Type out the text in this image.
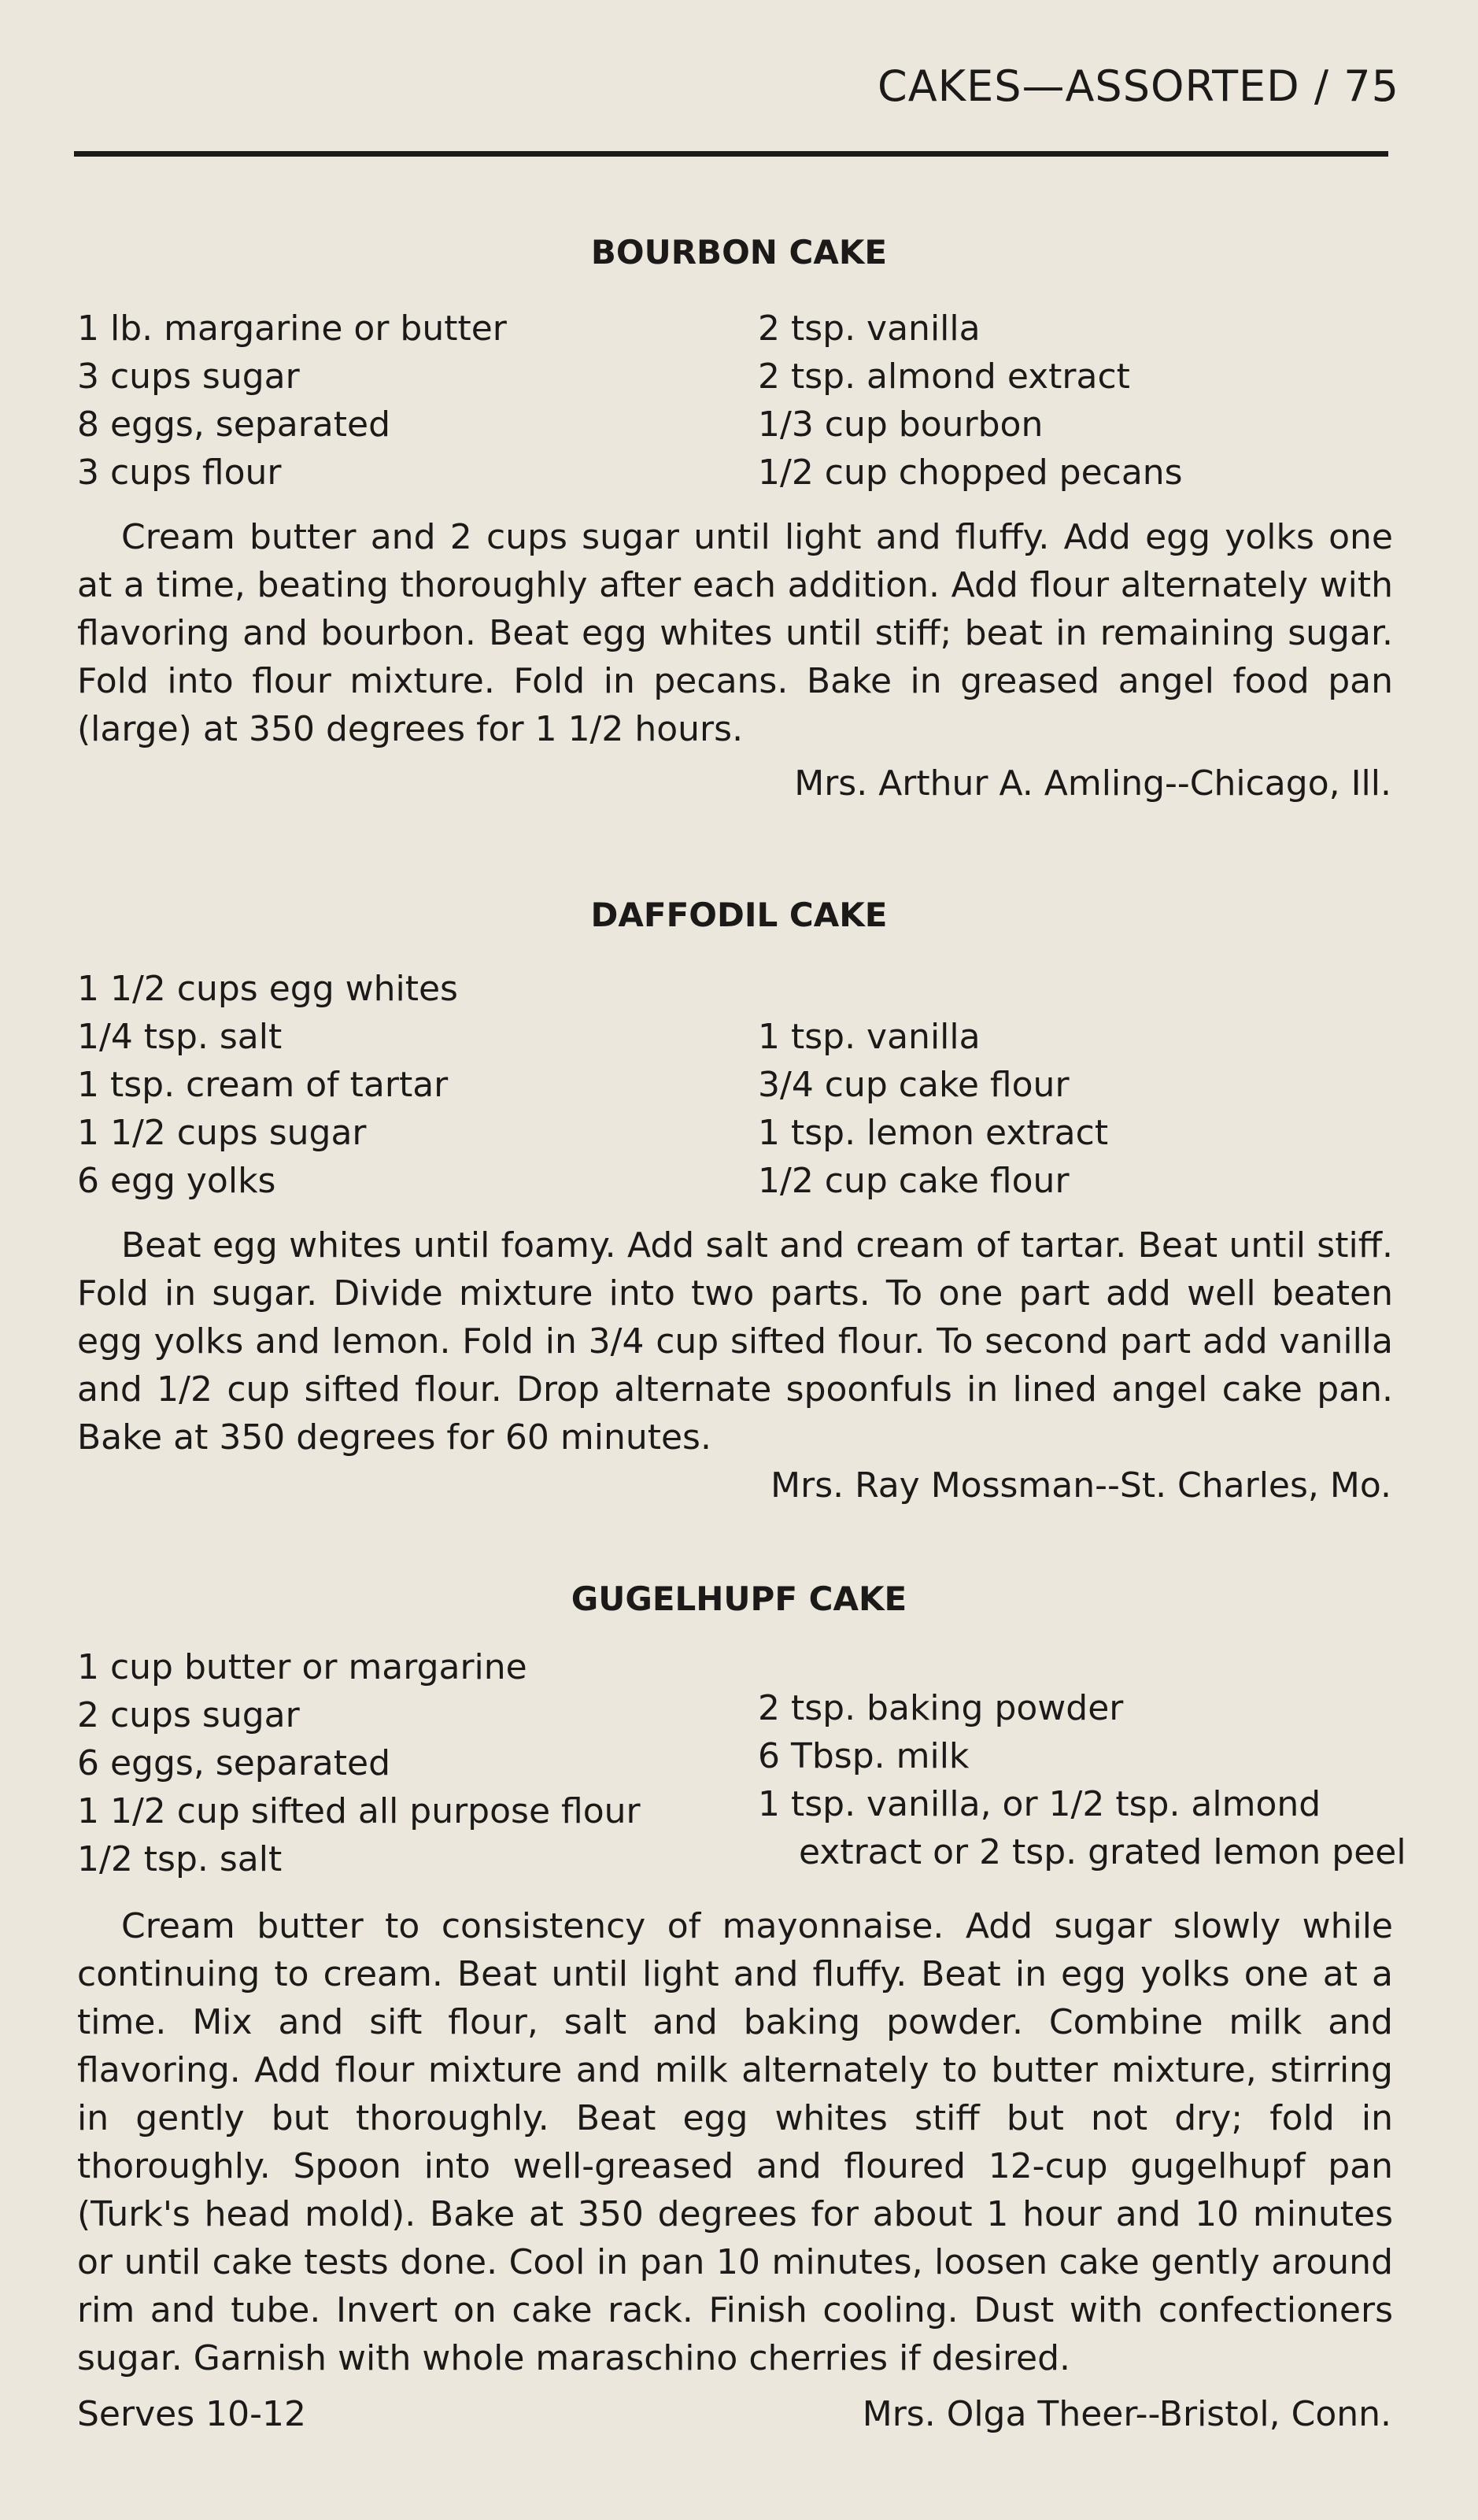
CAKES—ASSORTED / 75
BOURBON CAKE
1 lb. margarine or butter
3 cups sugar
8 eggs, separated
3 cups flour
2 tsp. vanilla
2 tsp. almond extract
1/3 cup bourbon
1/2 cup chopped pecans
Cream butter and 2 cups sugar until light and fluffy. Add egg yolks one at a time, beating thoroughly after each addition. Add flour alternately with flavoring and bourbon. Beat egg whites until stiff; beat in remaining sugar. Fold into flour mixture. Fold in pecans. Bake in greased angel food pan (large) at 350 degrees for 1 1/2 hours.
Mrs. Arthur A. Amling--Chicago, Ill.
DAFFODIL CAKE
1 1/2 cups egg whites
1/4 tsp. salt
1 tsp. cream of tartar
1 1/2 cups sugar
6 egg yolks
1 tsp. vanilla
3/4 cup cake flour
1 tsp. lemon extract
1/2 cup cake flour
Beat egg whites until foamy. Add salt and cream of tartar. Beat until stiff. Fold in sugar. Divide mixture into two parts. To one part add well beaten egg yolks and lemon. Fold in 3/4 cup sifted flour. To second part add vanilla and 1/2 cup sifted flour. Drop alternate spoonfuls in lined angel cake pan. Bake at 350 degrees for 60 minutes.
Mrs. Ray Mossman--St. Charles, Mo.
GUGELHUPF CAKE
1 cup butter or margarine
2 cups sugar
6 eggs, separated
1 1/2 cup sifted all purpose flour
1/2 tsp. salt
2 tsp. baking powder
6 Tbsp. milk
1 tsp. vanilla, or 1/2 tsp. almond
extract or 2 tsp. grated lemon peel
Cream butter to consistency of mayonnaise. Add sugar slowly while continuing to cream. Beat until light and fluffy. Beat in egg yolks one at a time. Mix and sift flour, salt and baking powder. Combine milk and flavoring. Add flour mixture and milk alternately to butter mixture, stirring in gently but thoroughly. Beat egg whites stiff but not dry; fold in thoroughly. Spoon into well-greased and floured 12-cup gugelhupf pan (Turk's head mold). Bake at 350 degrees for about 1 hour and 10 minutes or until cake tests done. Cool in pan 10 minutes, loosen cake gently around rim and tube. Invert on cake rack. Finish cooling. Dust with confectioners sugar. Garnish with whole maraschino cherries if desired.
Serves 10-12	Mrs. Olga Theer--Bristol, Conn.
